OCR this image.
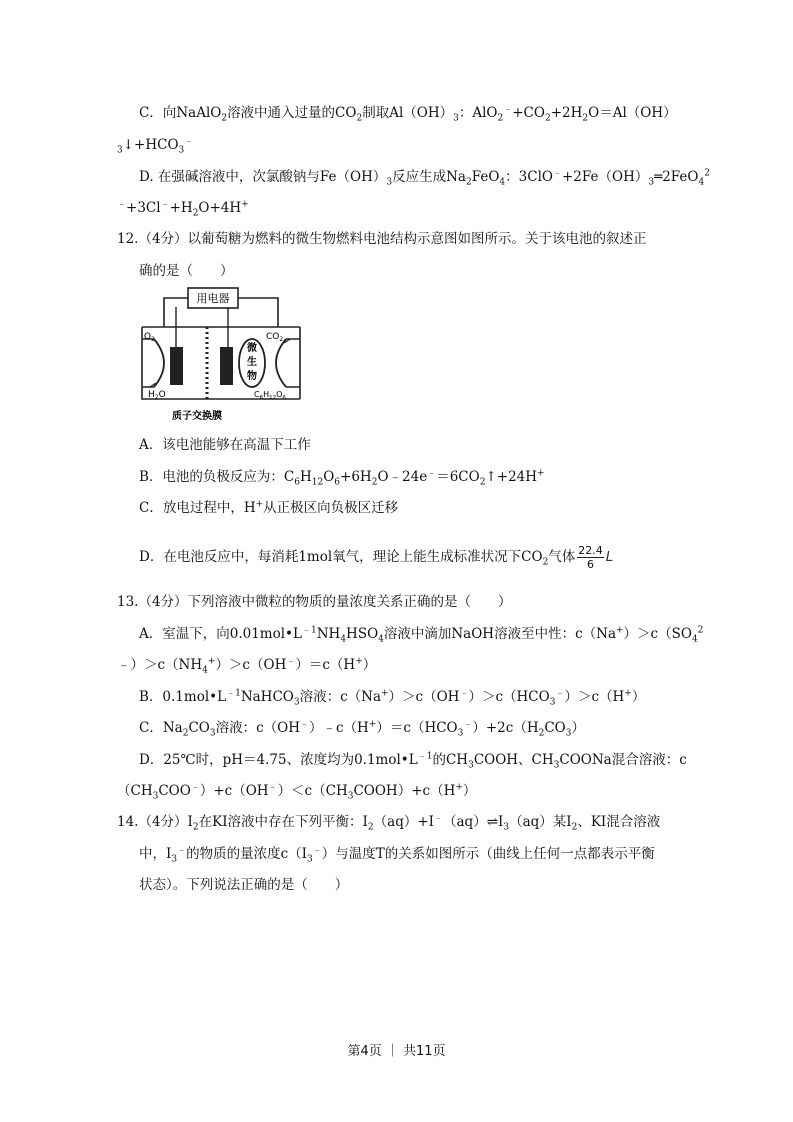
C．向NaAlO$_2$溶液中通入过量的$CO_2$制取$Al(OH)_3$：$AlO_2^﹣+CO_2+2H_2O=Al(OH)$
$_3↓+HCO_3^﹣$
D. 在强碱溶液中，次氯酸钠与$Fe(OH)_3$反应生成$Na_2FeO_4$：$3ClO^﹣+2Fe(OH)_3═2FeO_4^2$
$^﹣+3Cl^﹣+H_2O+4H^+$
12.（4分）以葡萄糖为燃料的微生物燃料电池结构示意图如图所示。关于该电池的叙述正
确的是（　　）
用电器
微
生
物
$O_2$	$CO_2$
$H_2O$	$C_6H_{12}O_6$
质子交换膜
A．该电池能够在高温下工作
B．电池的负极反应为：$C_6H_{12}O_6+6H_2O﹣24e^﹣=6CO_2↑+24H^+$
C．放电过程中，H+从正极区向负极区迁移
D．在电池反应中，每消耗1mol氧气，理论上能生成标准状况下$CO_2$气体 $\frac{22.4}{6}$ L
13.（4分）下列溶液中微粒的物质的量浓度关系正确的是（　　）
A．室温下，向$0.01mol•L^{﹣1}NH_4HSO_4$溶液中滴加NaOH溶液至中性：$c(Na^+)>c(SO_4^2$
$﹣)>c(NH_4^+)>c(OH^﹣)=c(H^+)$
B．$0.1mol•L^{﹣1}NaHCO_3$溶液：$c(Na^+)>c(OH^﹣)>c(HCO_3^﹣)>c(H^+)$
C．$Na_2CO_3$溶液：$c(OH^﹣)﹣c(H^+)=c(HCO_3^﹣)+2c(H_2CO_3)$
D．25℃时，pH＝4.75、浓度均为$0.1mol•L^{﹣1}$的$CH_3COOH$、$CH_3COONa$混合溶液：c
$(CH_3COO^﹣)+c(OH^﹣)<c(CH_3COOH)+c(H^+)$
14.（4分）$I_2$在KI溶液中存在下列平衡：$I_2(aq)+I^﹣(aq)\rightleftharpoons I_3(aq)$某$I_2$、KI混合溶液
中，$I_3^﹣$的物质的量浓度$c(I_3^﹣)$与温度T的关系如图所示（曲线上任何一点都表示平衡
状态）。下列说法正确的是（　　）
第4页 ｜ 共11页
